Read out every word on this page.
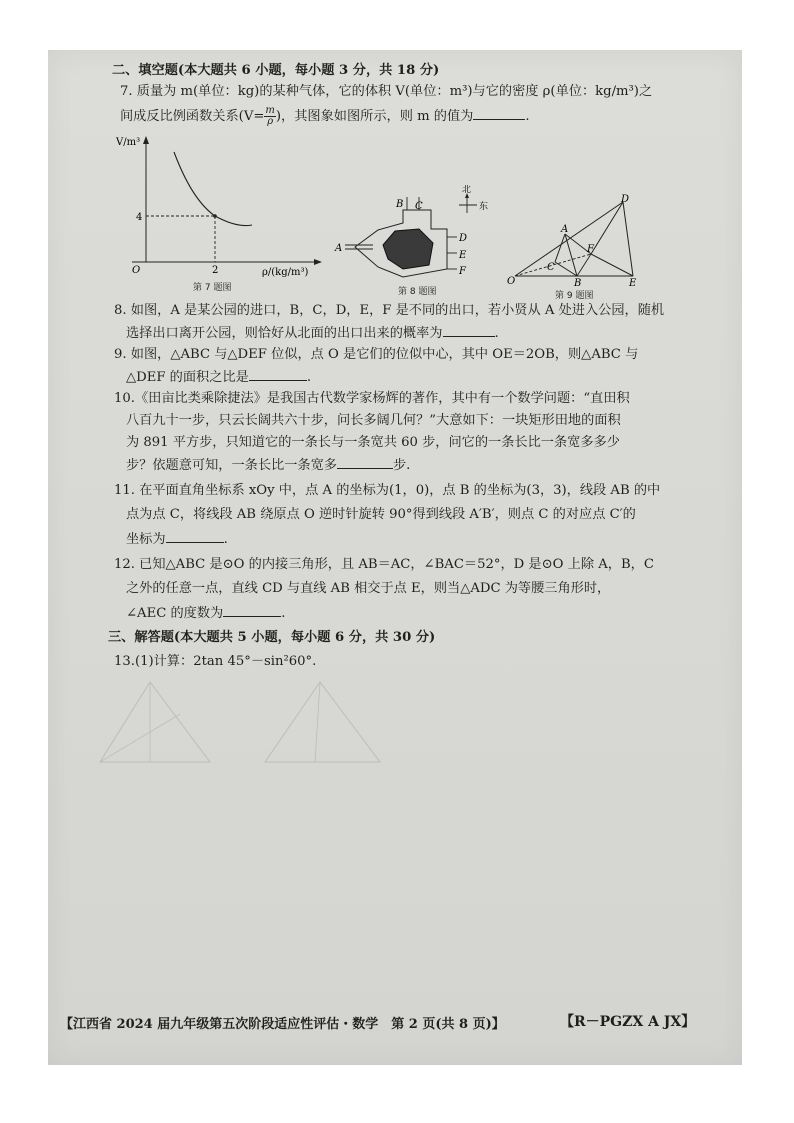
二、填空题(本大题共 6 小题，每小题 3 分，共 18 分)
7. 质量为 m(单位：kg)的某种气体，它的体积 V(单位：m³)与它的密度 ρ(单位：kg/m³)之
间成反比例函数关系($V= \frac{m}{\rho}$ )，其图象如图所示，则 m 的值为	.
V/m³
ρ/(kg/m³)
O
4
2
第 7 题图
A
B C
D
E
F
北
东
第 8 题图
A
B
C
D
E
F
O
第 9 题图
8. 如图，A 是某公园的进口，B，C，D，E，F 是不同的出口，若小贤从 A 处进入公园，随机
选择出口离开公园，则恰好从北面的出口出来的概率为	.
9. 如图，△ABC 与△DEF 位似，点 O 是它们的位似中心，其中 OE＝2OB，则△ABC 与
△DEF 的面积之比是	.
10.《田亩比类乘除捷法》是我国古代数学家杨辉的著作，其中有一个数学问题：“直田积
八百九十一步，只云长阔共六十步，问长多阔几何？”大意如下：一块矩形田地的面积
为 891 平方步，只知道它的一条长与一条宽共 60 步，问它的一条长比一条宽多多少
步？依题意可知，一条长比一条宽多	步.
11. 在平面直角坐标系 xOy 中，点 A 的坐标为(1，0)，点 B 的坐标为(3，3)，线段 AB 的中
点为点 C，将线段 AB 绕原点 O 逆时针旋转 90°得到线段 A′B′，则点 C 的对应点 C′的
坐标为	.
12. 已知△ABC 是⊙O 的内接三角形，且 AB＝AC，∠BAC＝52°，D 是⊙O 上除 A，B，C
之外的任意一点，直线 CD 与直线 AB 相交于点 E，则当△ADC 为等腰三角形时，
∠AEC 的度数为	.
三、解答题(本大题共 5 小题，每小题 6 分，共 30 分)
13.(1)计算：2tan 45°－sin²60°.
【江西省 2024 届九年级第五次阶段适应性评估・数学　第 2 页(共 8 页)】	【R－PGZX A JX】
